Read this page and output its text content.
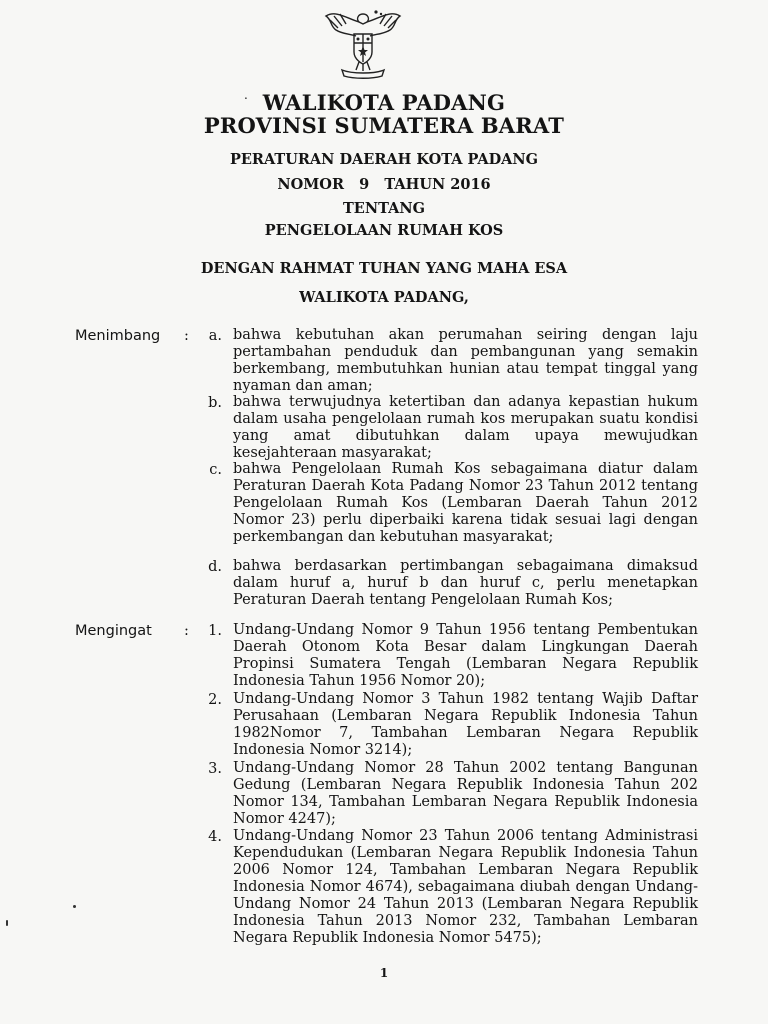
. WALIKOTA PADANG
PROVINSI SUMATERA BARAT
PERATURAN DAERAH KOTA PADANG
NOMOR   9   TAHUN 2016
TENTANG
PENGELOLAAN RUMAH KOS
DENGAN RAHMAT TUHAN YANG MAHA ESA
WALIKOTA PADANG,
Menimbang :	a. bahwa kebutuhan akan perumahan seiring dengan laju pertambahan penduduk dan pembangunan yang semakin berkembang, membutuhkan hunian atau tempat tinggal yang nyaman dan aman;
b. bahwa terwujudnya ketertiban dan adanya kepastian hukum dalam usaha pengelolaan rumah kos merupakan suatu kondisi yang amat dibutuhkan dalam upaya mewujudkan kesejahteraan masyarakat;
c. bahwa Pengelolaan Rumah Kos sebagaimana diatur dalam Peraturan Daerah Kota Padang Nomor 23 Tahun 2012 tentang Pengelolaan Rumah Kos (Lembaran Daerah Tahun 2012 Nomor 23) perlu diperbaiki karena tidak sesuai lagi dengan perkembangan dan kebutuhan masyarakat;
d. bahwa berdasarkan pertimbangan sebagaimana dimaksud dalam huruf a, huruf b dan huruf c, perlu menetapkan Peraturan Daerah tentang Pengelolaan Rumah Kos;
Mengingat :	1. Undang-Undang Nomor 9 Tahun 1956 tentang Pembentukan Daerah Otonom Kota Besar dalam Lingkungan Daerah Propinsi Sumatera Tengah (Lembaran Negara Republik Indonesia Tahun 1956 Nomor 20);
2. Undang-Undang Nomor 3 Tahun 1982 tentang Wajib Daftar Perusahaan (Lembaran Negara Republik Indonesia Tahun 1982Nomor 7, Tambahan Lembaran Negara Republik Indonesia Nomor 3214);
3. Undang-Undang Nomor 28 Tahun 2002 tentang Bangunan Gedung (Lembaran Negara Republik Indonesia Tahun 202 Nomor 134, Tambahan Lembaran Negara Republik Indonesia Nomor 4247);
4. Undang-Undang Nomor 23 Tahun 2006 tentang Administrasi Kependudukan (Lembaran Negara Republik Indonesia Tahun 2006 Nomor 124, Tambahan Lembaran Negara Republik Indonesia Nomor 4674), sebagaimana diubah dengan Undang-Undang Nomor 24 Tahun 2013 (Lembaran Negara Republik Indonesia Tahun 2013 Nomor 232, Tambahan Lembaran Negara Republik Indonesia Nomor 5475);
1
